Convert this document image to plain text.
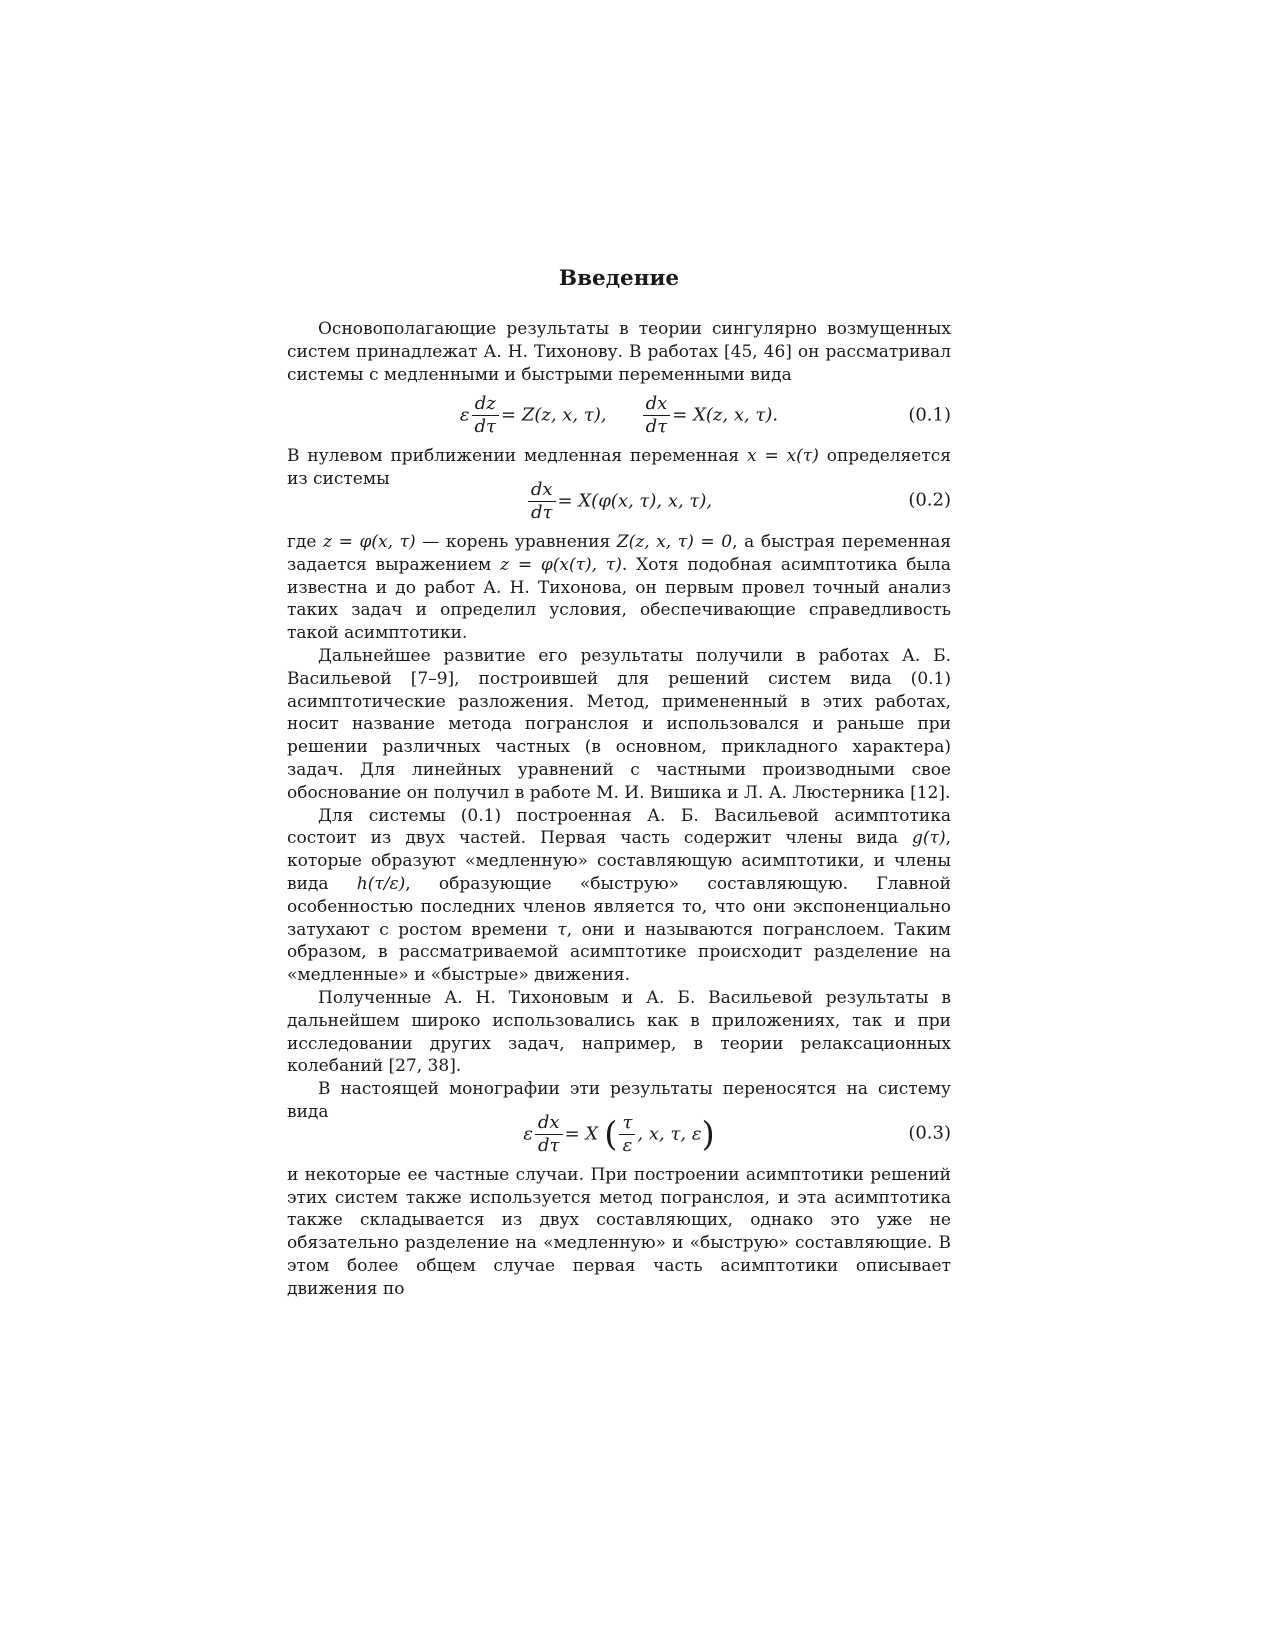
Введение

Основополагающие результаты в теории сингулярно возмущенных систем принадлежат А. Н. Тихонову. В работах [45, 46] он рассматривал системы с медленными и быстрыми переменными вида

ε $\frac{dz}{d\tau} = Z(z$, x, τ), $\frac{dx}{d\tau} = X(z$, x, τ).	(0.1)

В нулевом приближении медленная переменная x = x(τ) определяется из системы	$\frac{dx}{d\tau} = X(\varphi(x$, τ), x, τ),	(0.2)

где z = φ(x, τ) — корень уравнения Z(z, x, τ) = 0, а быстрая переменная задается выражением z = φ(x(τ), τ). Хотя подобная асимптотика была известна и до работ А. Н. Тихонова, он первым провел точный анализ таких задач и определил условия, обеспечивающие справедливость такой асимптотики.

Дальнейшее развитие его результаты получили в работах А. Б. Васильевой [7–9], построившей для решений систем вида (0.1) асимптотические разложения. Метод, примененный в этих работах, носит название метода погранслоя и использовался и раньше при решении различных частных (в основном, прикладного характера) задач. Для линейных уравнений с частными производными свое обоснование он получил в работе М. И. Вишика и Л. А. Люстерника [12].

Для системы (0.1) построенная А. Б. Васильевой асимптотика состоит из двух частей. Первая часть содержит члены вида g(τ), которые образуют «медленную» составляющую асимптотики, и члены вида h(τ/ε), образующие «быструю» составляющую. Главной особенностью последних членов является то, что они экспоненциально затухают с ростом времени τ, они и называются погранслоем. Таким образом, в рассматриваемой асимптотике происходит разделение на «медленные» и «быстрые» движения.

Полученные А. Н. Тихоновым и А. Б. Васильевой результаты в дальнейшем широко использовались как в приложениях, так и при исследовании других задач, например, в теории релаксационных колебаний [27, 38].

В настоящей монографии эти результаты переносятся на систему вида

ε $\frac{dx}{d\tau} = X$ ( $\frac{\tau}{\varepsilon}$ , x, τ, ε)	(0.3)

и некоторые ее частные случаи. При построении асимптотики решений этих систем также используется метод погранслоя, и эта асимптотика также складывается из двух составляющих, однако это уже не обязательно разделение на «медленную» и «быструю» составляющие. В этом более общем случае первая часть асимптотики описывает движения по
